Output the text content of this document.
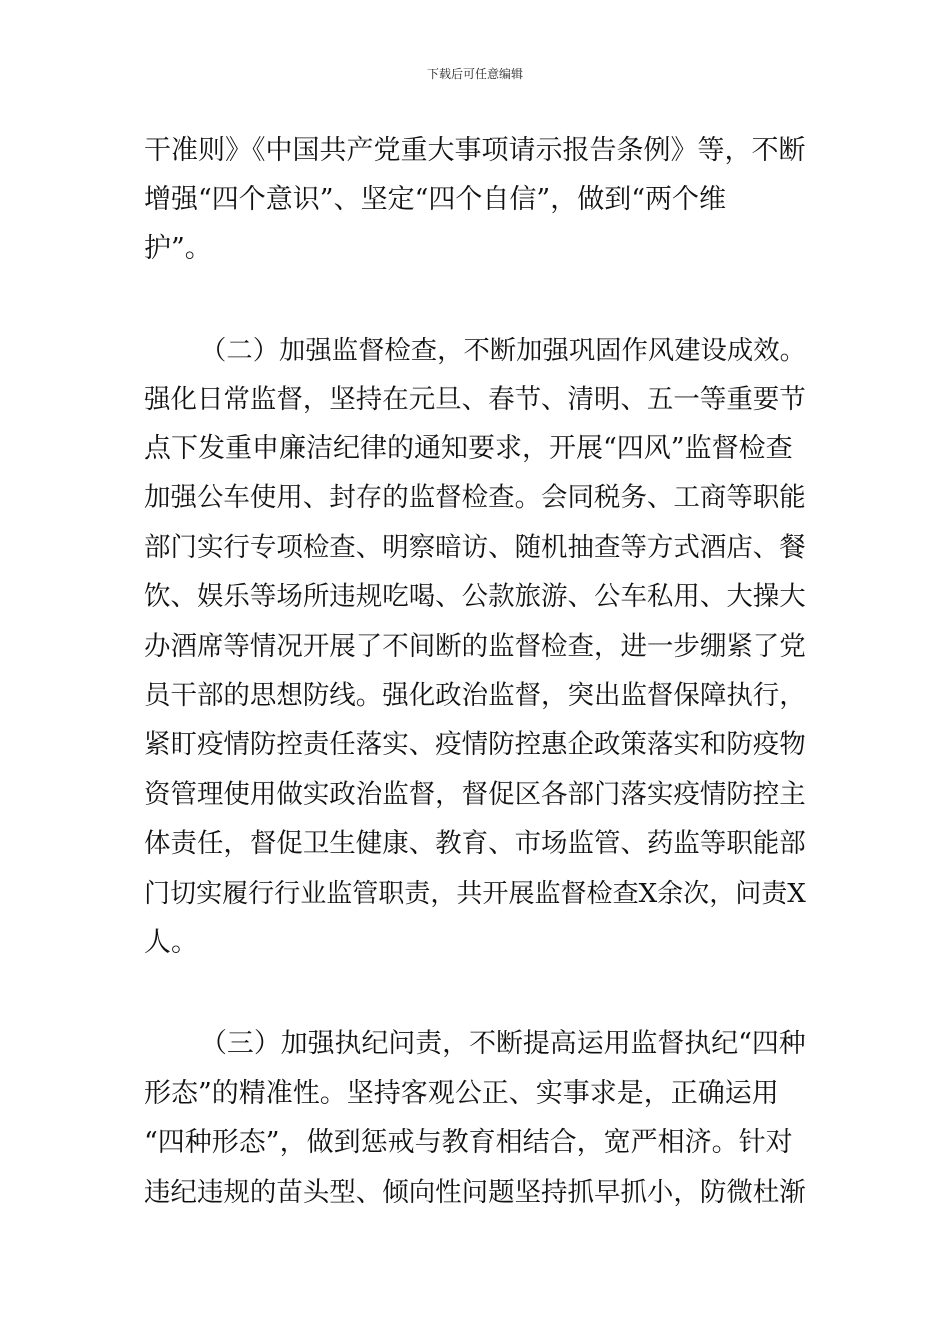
下载后可任意编辑
干准则》《中国共产党重大事项请示报告条例》等，不断
增强“四个意识”、坚定“四个自信”，做到“两个维
护”。
（二）加强监督检查，不断加强巩固作风建设成效。
强化日常监督，坚持在元旦、春节、清明、五一等重要节
点下发重申廉洁纪律的通知要求，开展“四风”监督检查
加强公车使用、封存的监督检查。会同税务、工商等职能
部门实行专项检查、明察暗访、随机抽查等方式酒店、餐
饮、娱乐等场所违规吃喝、公款旅游、公车私用、大操大
办酒席等情况开展了不间断的监督检查，进一步绷紧了党
员干部的思想防线。强化政治监督，突出监督保障执行，
紧盯疫情防控责任落实、疫情防控惠企政策落实和防疫物
资管理使用做实政治监督，督促区各部门落实疫情防控主
体责任，督促卫生健康、教育、市场监管、药监等职能部
门切实履行行业监管职责，共开展监督检查X余次，问责X
人。
（三）加强执纪问责，不断提高运用监督执纪“四种
形态”的精准性。坚持客观公正、实事求是，正确运用
“四种形态”，做到惩戒与教育相结合，宽严相济。针对
违纪违规的苗头型、倾向性问题坚持抓早抓小，防微杜渐
